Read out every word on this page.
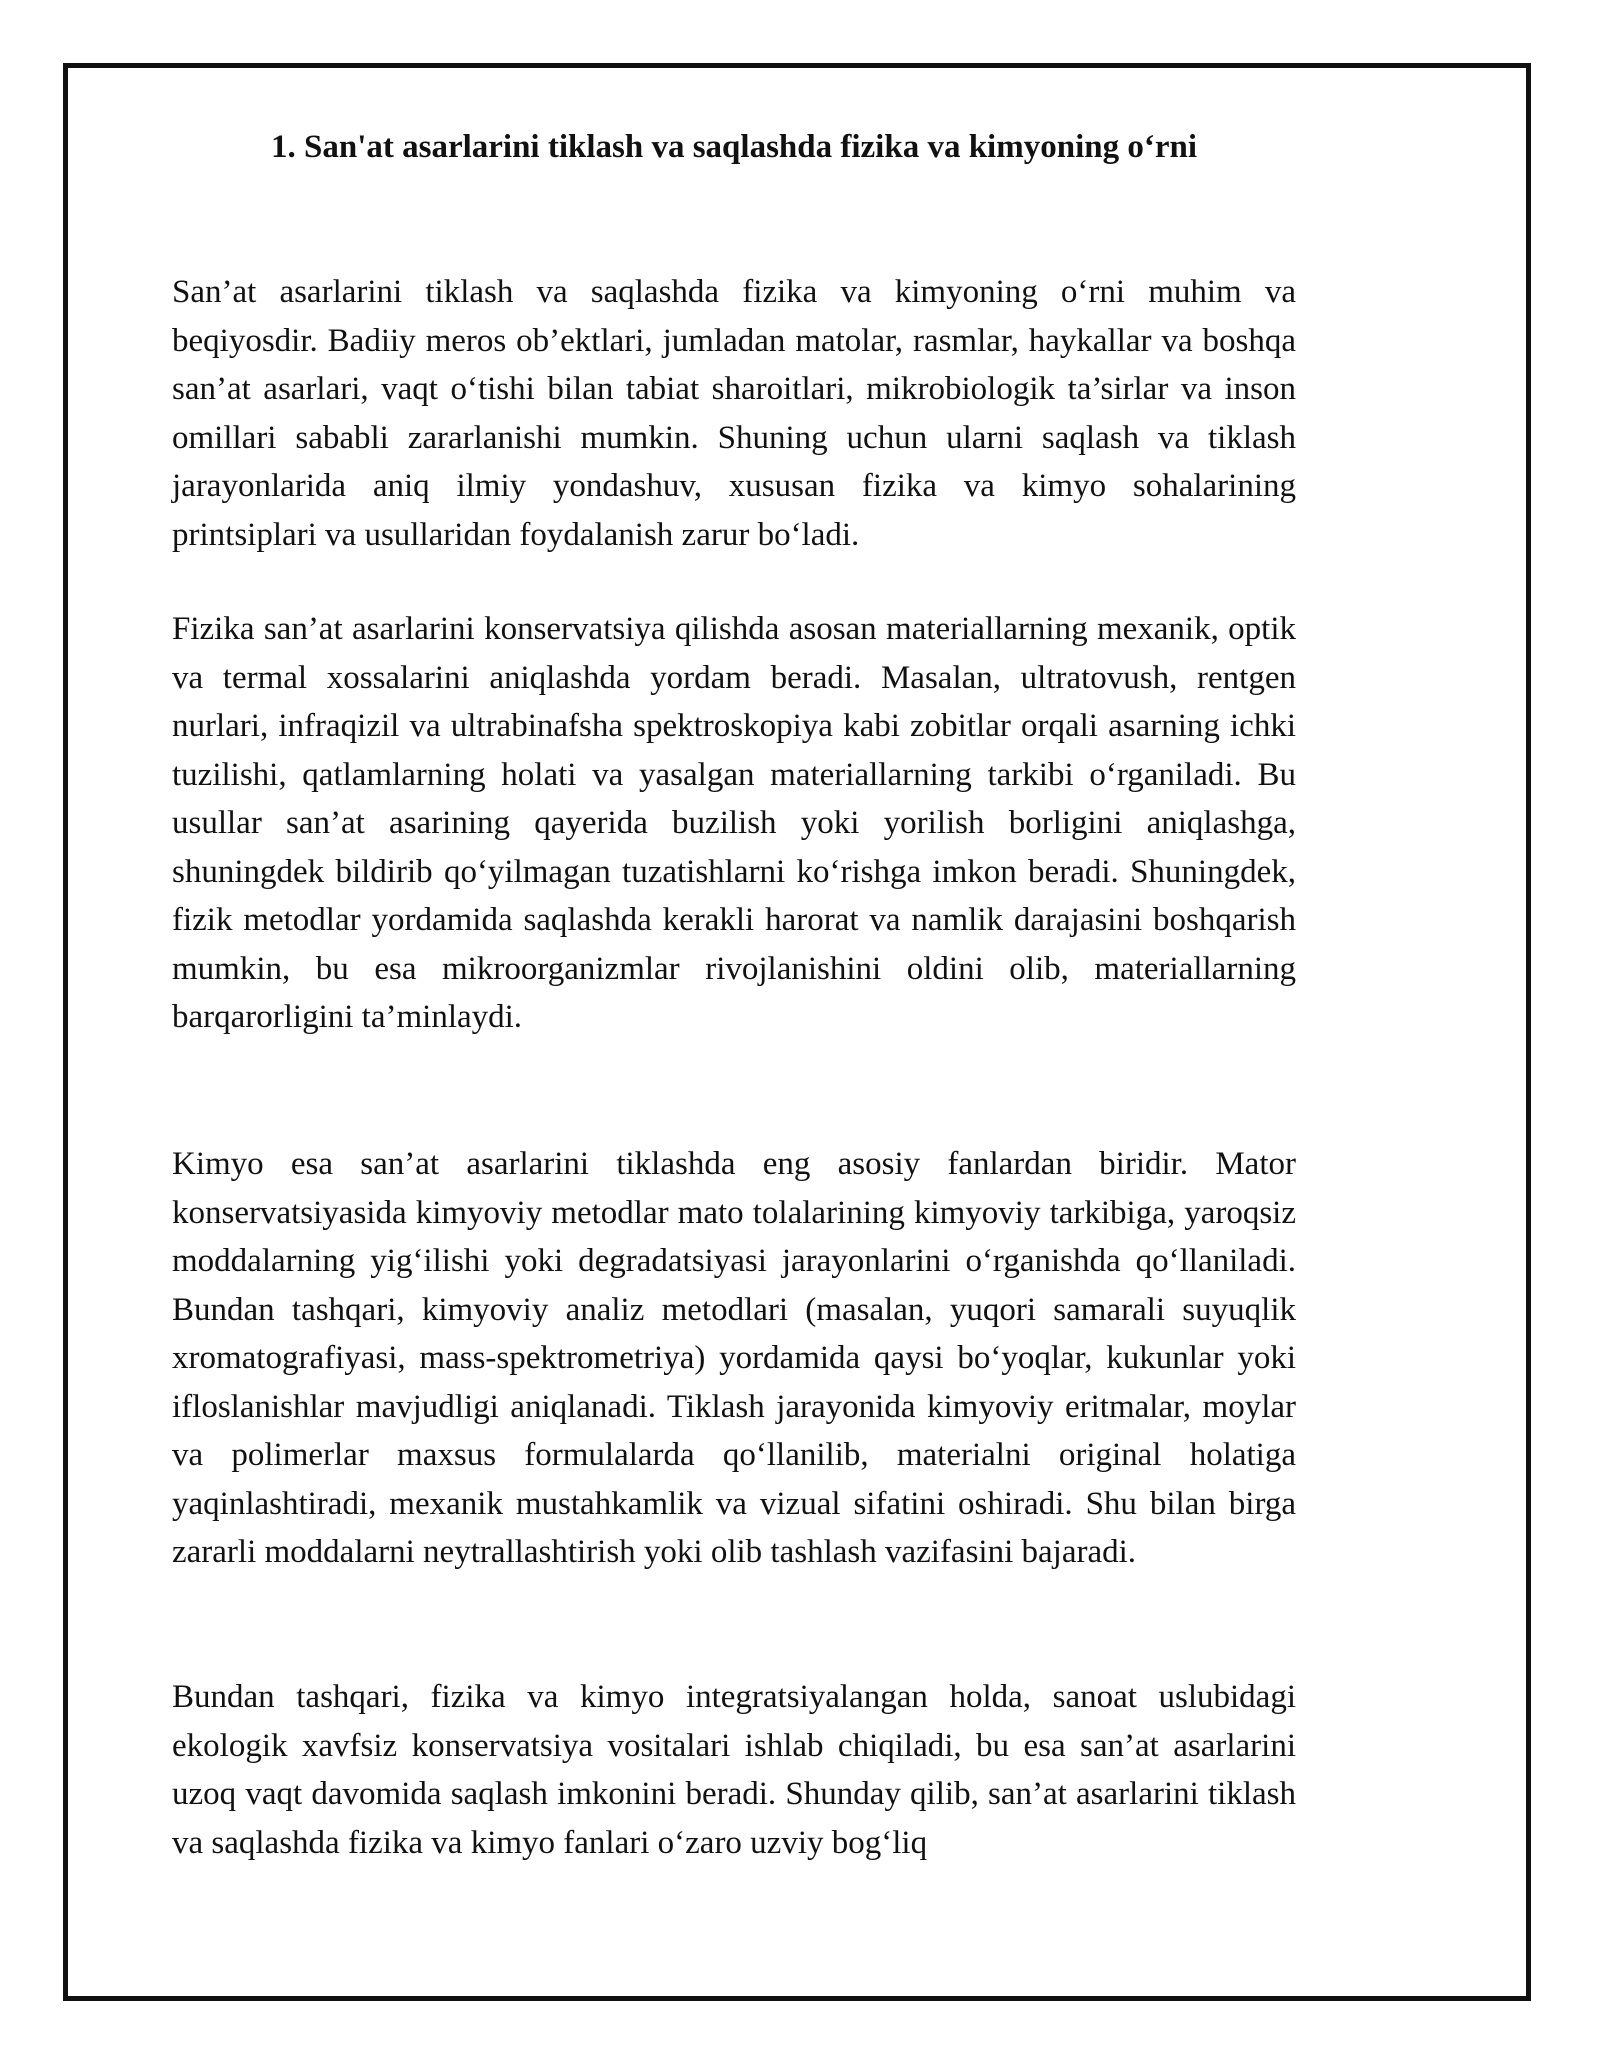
1. San'at asarlarini tiklash va saqlashda fizika va kimyoning o‘rni

San’at asarlarini tiklash va saqlashda fizika va kimyoning o‘rni muhim va beqiyosdir. Badiiy meros ob’ektlari, jumladan matolar, rasmlar, haykallar va boshqa san’at asarlari, vaqt o‘tishi bilan tabiat sharoitlari, mikrobiologik ta’sirlar va inson omillari sababli zararlanishi mumkin. Shuning uchun ularni saqlash va tiklash jarayonlarida aniq ilmiy yondashuv, xususan fizika va kimyo sohalarining printsiplari va usullaridan foydalanish zarur bo‘ladi.

Fizika san’at asarlarini konservatsiya qilishda asosan materiallarning mexanik, optik va termal xossalarini aniqlashda yordam beradi. Masalan, ultratovush, rentgen nurlari, infraqizil va ultrabinafsha spektroskopiya kabi zobitlar orqali asarning ichki tuzilishi, qatlamlarning holati va yasalgan materiallarning tarkibi o‘rganiladi. Bu usullar san’at asarining qayerida buzilish yoki yorilish borligini aniqlashga, shuningdek bildirib qo‘yilmagan tuzatishlarni ko‘rishga imkon beradi. Shuningdek, fizik metodlar yordamida saqlashda kerakli harorat va namlik darajasini boshqarish mumkin, bu esa mikroorganizmlar rivojlanishini oldini olib, materiallarning barqarorligini ta’minlaydi.

Kimyo esa san’at asarlarini tiklashda eng asosiy fanlardan biridir. Mator konservatsiyasida kimyoviy metodlar mato tolalarining kimyoviy tarkibiga, yaroqsiz moddalarning yig‘ilishi yoki degradatsiyasi jarayonlarini o‘rganishda qo‘llaniladi. Bundan tashqari, kimyoviy analiz metodlari (masalan, yuqori samarali suyuqlik xromatografiyasi, mass-spektrometriya) yordamida qaysi bo‘yoqlar, kukunlar yoki ifloslanishlar mavjudligi aniqlanadi. Tiklash jarayonida kimyoviy eritmalar, moylar va polimerlar maxsus formulalarda qo‘llanilib, materialni original holatiga yaqinlashtiradi, mexanik mustahkamlik va vizual sifatini oshiradi. Shu bilan birga zararli moddalarni neytrallashtirish yoki olib tashlash vazifasini bajaradi.

Bundan tashqari, fizika va kimyo integratsiyalangan holda, sanoat uslubidagi ekologik xavfsiz konservatsiya vositalari ishlab chiqiladi, bu esa san’at asarlarini uzoq vaqt davomida saqlash imkonini beradi. Shunday qilib, san’at asarlarini tiklash va saqlashda fizika va kimyo fanlari o‘zaro uzviy bog‘liq
